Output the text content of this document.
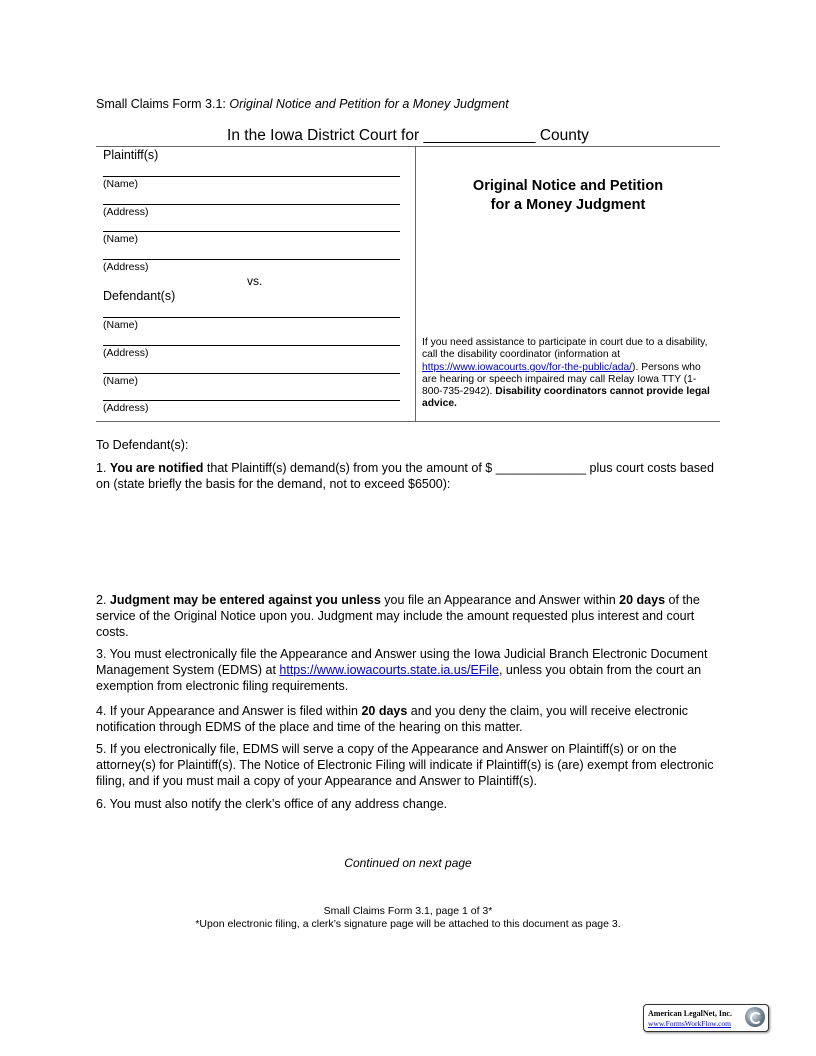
Small Claims Form 3.1: Original Notice and Petition for a Money Judgment
In the Iowa District Court for _____________ County
Plaintiff(s)
(Name)
(Address)
(Name)
(Address)
vs.
Defendant(s)
(Name)
(Address)
(Name)
(Address)
Original Notice and Petition
for a Money Judgment
If you need assistance to participate in court due to a disability, call the disability coordinator (information at https://www.iowacourts.gov/for-the-public/ada/). Persons who are hearing or speech impaired may call Relay Iowa TTY (1-800-735-2942). Disability coordinators cannot provide legal advice.
To Defendant(s):
1. You are notified that Plaintiff(s) demand(s) from you the amount of $ _____________ plus court costs based on (state briefly the basis for the demand, not to exceed $6500):
2. Judgment may be entered against you unless you file an Appearance and Answer within 20 days of the service of the Original Notice upon you. Judgment may include the amount requested plus interest and court costs.
3. You must electronically file the Appearance and Answer using the Iowa Judicial Branch Electronic Document Management System (EDMS) at https://www.iowacourts.state.ia.us/EFile, unless you obtain from the court an exemption from electronic filing requirements.
4. If your Appearance and Answer is filed within 20 days and you deny the claim, you will receive electronic notification through EDMS of the place and time of the hearing on this matter.
5. If you electronically file, EDMS will serve a copy of the Appearance and Answer on Plaintiff(s) or on the attorney(s) for Plaintiff(s). The Notice of Electronic Filing will indicate if Plaintiff(s) is (are) exempt from electronic filing, and if you must mail a copy of your Appearance and Answer to Plaintiff(s).
6. You must also notify the clerk’s office of any address change.
Continued on next page
Small Claims Form 3.1, page 1 of 3*
*Upon electronic filing, a clerk’s signature page will be attached to this document as page 3.
American LegalNet, Inc.
www.FormsWorkFlow.com
